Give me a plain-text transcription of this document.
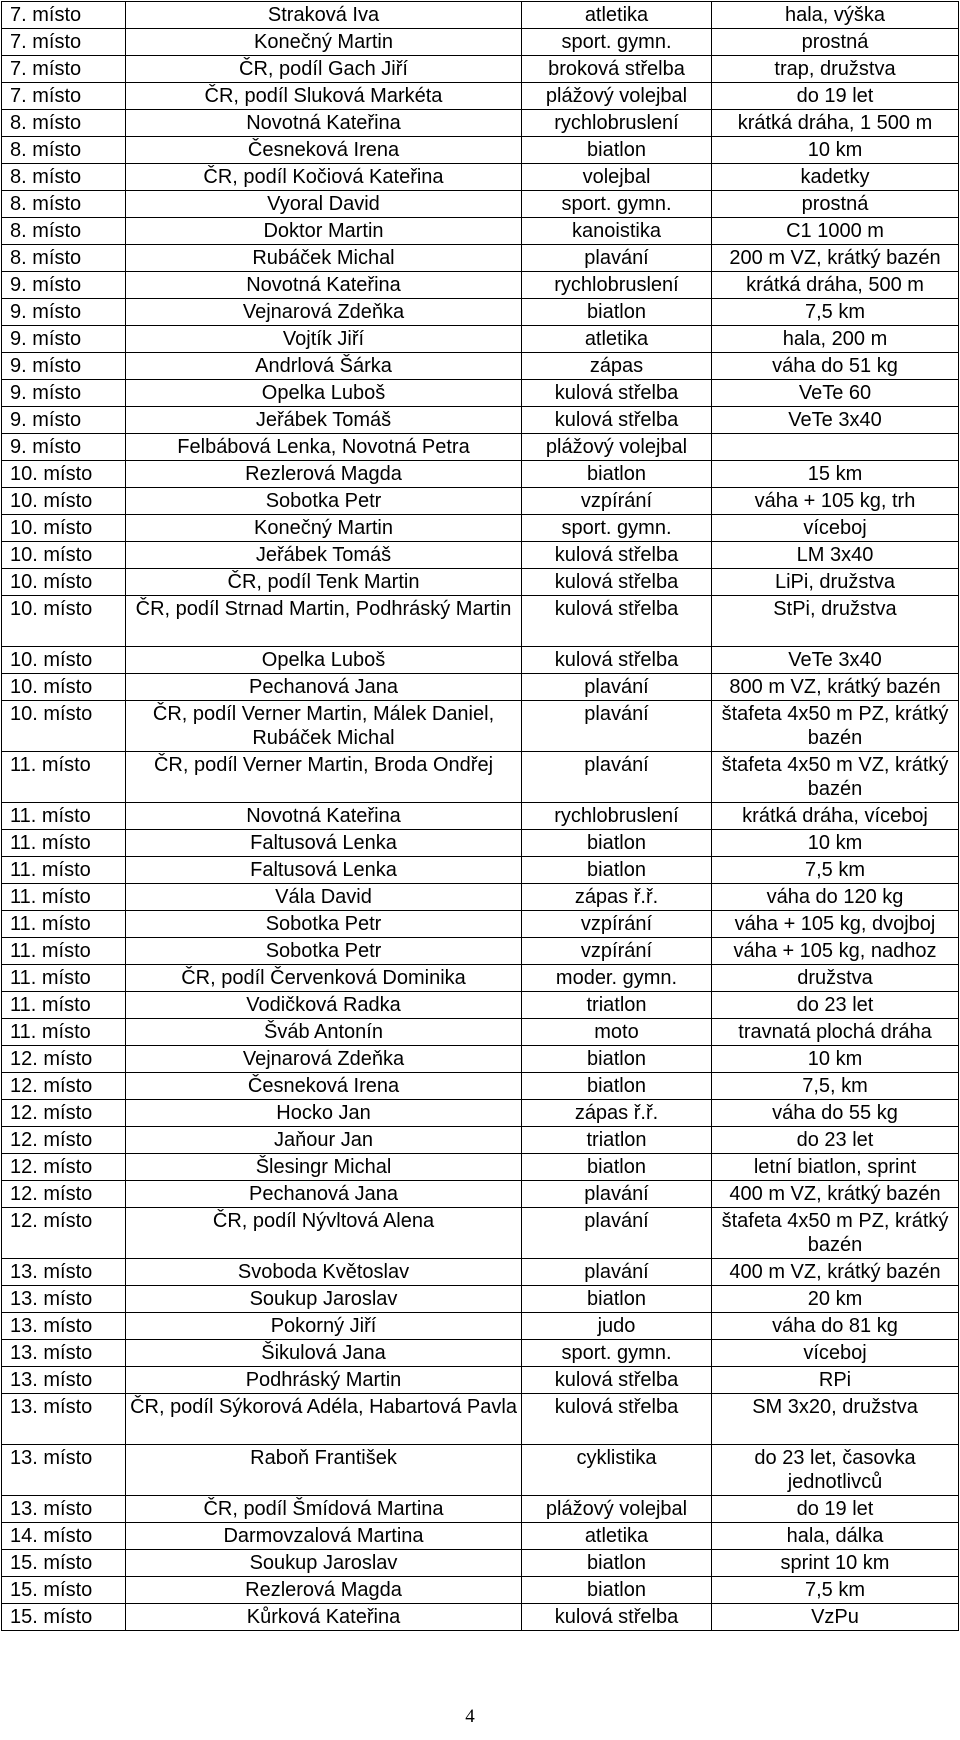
7. místo	Straková Iva	atletika	hala, výška
7. místo	Konečný Martin	sport. gymn.	prostná
7. místo	ČR, podíl Gach Jiří	broková střelba	trap, družstva
7. místo	ČR, podíl Sluková Markéta	plážový volejbal	do 19 let
8. místo	Novotná Kateřina	rychlobruslení	krátká dráha, 1 500 m
8. místo	Česneková Irena	biatlon	10 km
8. místo	ČR, podíl Kočiová Kateřina	volejbal	kadetky
8. místo	Vyoral David	sport. gymn.	prostná
8. místo	Doktor Martin	kanoistika	C1 1000 m
8. místo	Rubáček Michal	plavání	200 m VZ, krátký bazén
9. místo	Novotná Kateřina	rychlobruslení	krátká dráha, 500 m
9. místo	Vejnarová Zdeňka	biatlon	7,5 km
9. místo	Vojtík Jiří	atletika	hala, 200 m
9. místo	Andrlová Šárka	zápas	váha do 51 kg
9. místo	Opelka Luboš	kulová střelba	VeTe 60
9. místo	Jeřábek Tomáš	kulová střelba	VeTe 3x40
9. místo	Felbábová Lenka, Novotná Petra	plážový volejbal	
10. místo	Rezlerová Magda	biatlon	15 km
10. místo	Sobotka Petr	vzpírání	váha + 105 kg, trh
10. místo	Konečný Martin	sport. gymn.	víceboj
10. místo	Jeřábek Tomáš	kulová střelba	LM 3x40
10. místo	ČR, podíl Tenk Martin	kulová střelba	LiPi, družstva
10. místo	ČR, podíl Strnad Martin, Podhráský Martin	kulová střelba	StPi, družstva
10. místo	Opelka Luboš	kulová střelba	VeTe 3x40
10. místo	Pechanová Jana	plavání	800 m VZ, krátký bazén
10. místo	ČR, podíl Verner Martin, Málek Daniel, Rubáček Michal	plavání	štafeta 4x50 m PZ, krátký bazén
11. místo	ČR, podíl Verner Martin, Broda Ondřej	plavání	štafeta 4x50 m VZ, krátký bazén
11. místo	Novotná Kateřina	rychlobruslení	krátká dráha, víceboj
11. místo	Faltusová Lenka	biatlon	10 km
11. místo	Faltusová Lenka	biatlon	7,5 km
11. místo	Vála David	zápas ř.ř.	váha do 120 kg
11. místo	Sobotka Petr	vzpírání	váha + 105 kg, dvojboj
11. místo	Sobotka Petr	vzpírání	váha + 105 kg, nadhoz
11. místo	ČR, podíl Červenková Dominika	moder. gymn.	družstva
11. místo	Vodičková Radka	triatlon	do 23 let
11. místo	Šváb Antonín	moto	travnatá plochá dráha
12. místo	Vejnarová Zdeňka	biatlon	10 km
12. místo	Česneková Irena	biatlon	7,5, km
12. místo	Hocko Jan	zápas ř.ř.	váha do 55 kg
12. místo	Jaňour Jan	triatlon	do 23 let
12. místo	Šlesingr Michal	biatlon	letní biatlon, sprint
12. místo	Pechanová Jana	plavání	400 m VZ, krátký bazén
12. místo	ČR, podíl Nývltová Alena	plavání	štafeta 4x50 m PZ, krátký bazén
13. místo	Svoboda Květoslav	plavání	400 m VZ, krátký bazén
13. místo	Soukup Jaroslav	biatlon	20 km
13. místo	Pokorný Jiří	judo	váha do 81 kg
13. místo	Šikulová Jana	sport. gymn.	víceboj
13. místo	Podhráský Martin	kulová střelba	RPi
13. místo	ČR, podíl Sýkorová Adéla, Habartová Pavla	kulová střelba	SM 3x20, družstva
13. místo	Raboň František	cyklistika	do 23 let, časovka jednotlivců
13. místo	ČR, podíl Šmídová Martina	plážový volejbal	do 19 let
14. místo	Darmovzalová Martina	atletika	hala, dálka
15. místo	Soukup Jaroslav	biatlon	sprint 10 km
15. místo	Rezlerová Magda	biatlon	7,5 km
15. místo	Kůrková Kateřina	kulová střelba	VzPu
4
